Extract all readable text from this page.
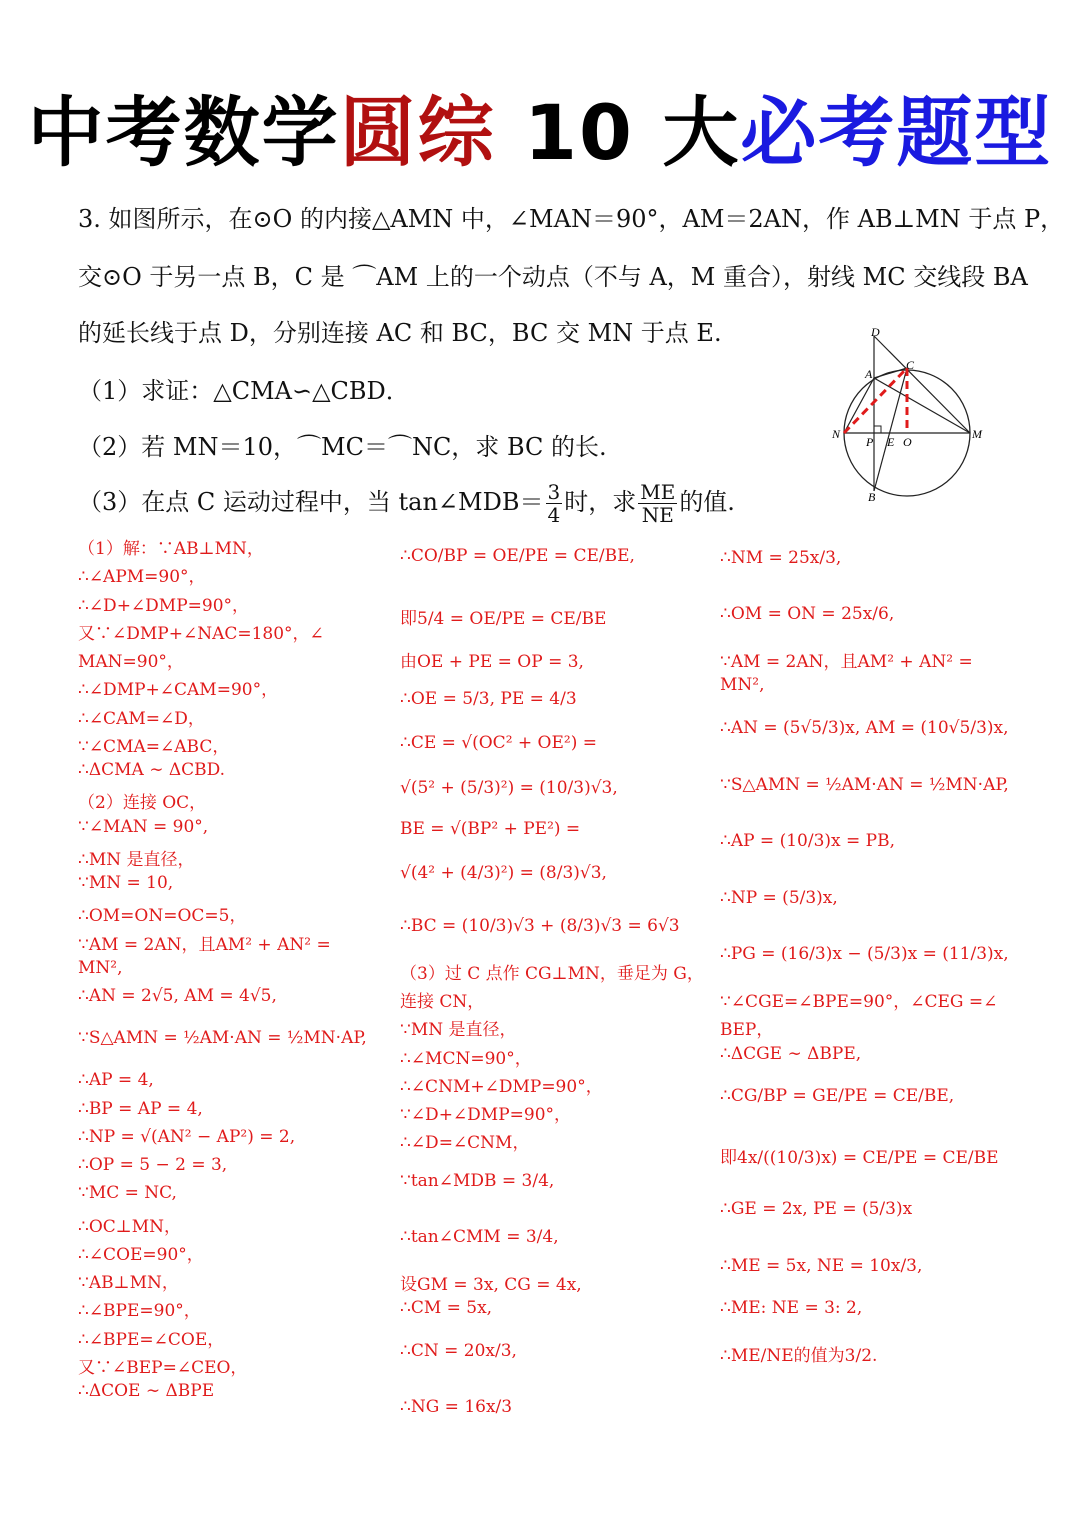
中考数学圆综 10 大必考题型
3. 如图所示，在⊙O 的内接△AMN 中，∠MAN＝90°，AM＝2AN，作 AB⊥MN 于点 P，
交⊙O 于另一点 B，C 是 ⌒AM 上的一个动点（不与 A，M 重合），射线 MC 交线段 BA
的延长线于点 D，分别连接 AC 和 BC，BC 交 MN 于点 E.
（1）求证：△CMA∽△CBD．
（2）若 MN＝10，⌒MC＝⌒NC，求 BC 的长.
（3）在点 C 运动过程中，当 tan∠MDB＝ $\frac{3}{4}$ 时，求 $\frac{ME}{NE}$ 的值.
D
C
A
N	M
P E O
B
（1）解：∵AB⊥MN，
∴∠APM=90°，
∴∠D+∠DMP=90°，
又∵∠DMP+∠NAC=180°，∠
MAN=90°，
∴∠DMP+∠CAM=90°，
∴∠CAM=∠D，
∵∠CMA=∠ABC，
∴ΔCMA ∼ ΔCBD.
（2）连接 OC，
∵∠MAN = 90°,
∴MN 是直径，
∵MN = 10,
∴OM=ON=OC=5，
∵AM = 2AN，且AM² + AN² =
MN²,
∴AN = 2√5, AM = 4√5,
∵S△AMN = ½AM·AN = ½MN·AP,
∴AP = 4,
∴BP = AP = 4,
∴NP = √(AN² − AP²) = 2,
∴OP = 5 − 2 = 3,
∵MC = NC,
∴OC⊥MN，
∴∠COE=90°，
∵AB⊥MN，
∴∠BPE=90°，
∴∠BPE=∠COE，
又∵∠BEP=∠CEO，
∴ΔCOE ∼ ΔBPE
∴CO/BP = OE/PE = CE/BE,
即5/4 = OE/PE = CE/BE
由OE + PE = OP = 3,
∴OE = 5/3, PE = 4/3
∴CE = √(OC² + OE²) =
√(5² + (5/3)²) = (10/3)√3,
BE = √(BP² + PE²) =
√(4² + (4/3)²) = (8/3)√3,
∴BC = (10/3)√3 + (8/3)√3 = 6√3
（3）过 C 点作 CG⊥MN，垂足为 G，
连接 CN，
∵MN 是直径，
∴∠MCN=90°，
∴∠CNM+∠DMP=90°，
∵∠D+∠DMP=90°，
∴∠D=∠CNM，
∵tan∠MDB = 3/4,
∴tan∠CMM = 3/4,
设GM = 3x, CG = 4x,
∴CM = 5x,
∴CN = 20x/3,
∴NG = 16x/3
∴NM = 25x/3,
∴OM = ON = 25x/6,
∵AM = 2AN，且AM² + AN² =
MN²,
∴AN = (5√5/3)x, AM = (10√5/3)x,
∵S△AMN = ½AM·AN = ½MN·AP,
∴AP = (10/3)x = PB,
∴NP = (5/3)x,
∴PG = (16/3)x − (5/3)x = (11/3)x,
∵∠CGE=∠BPE=90°，∠CEG =∠
BEP，
∴ΔCGE ∼ ΔBPE,
∴CG/BP = GE/PE = CE/BE,
即4x/((10/3)x) = CE/PE = CE/BE
∴GE = 2x, PE = (5/3)x
∴ME = 5x, NE = 10x/3,
∴ME: NE = 3: 2,
∴ME/NE的值为3/2.
